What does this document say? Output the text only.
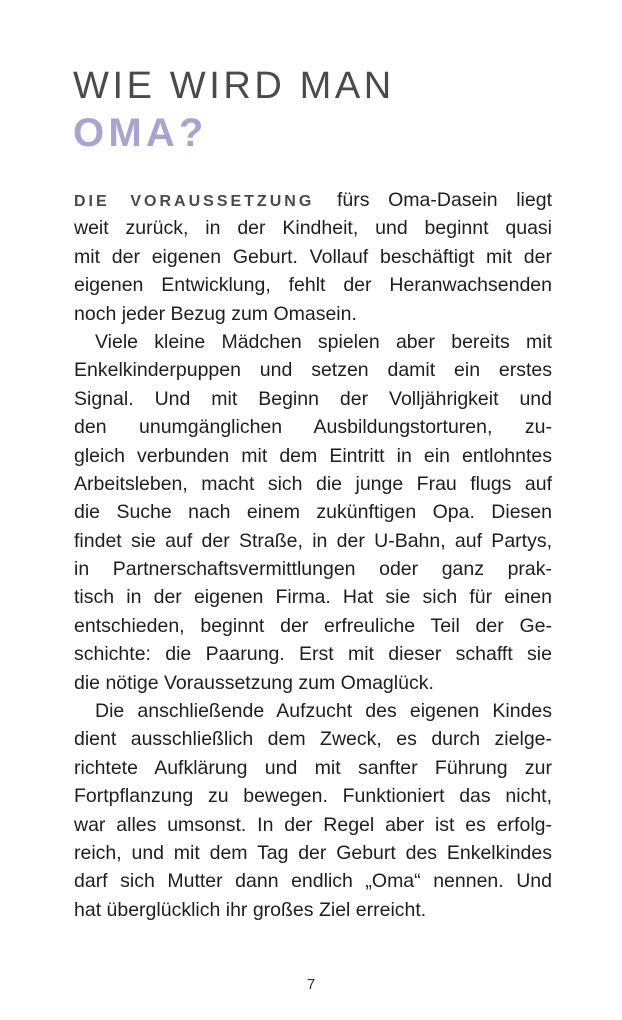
WIE WIRD MAN
OMA?
DIE VORAUSSETZUNG fürs Oma-Dasein liegt
weit zurück, in der Kindheit, und beginnt quasi
mit der eigenen Geburt. Vollauf beschäftigt mit der
eigenen Entwicklung, fehlt der Heranwachsenden
noch jeder Bezug zum Omasein.
Viele kleine Mädchen spielen aber bereits mit
Enkelkinderpuppen und setzen damit ein erstes
Signal. Und mit Beginn der Volljährigkeit und
den unumgänglichen Ausbildungstorturen, zu-
gleich verbunden mit dem Eintritt in ein entlohntes
Arbeitsleben, macht sich die junge Frau flugs auf
die Suche nach einem zukünftigen Opa. Diesen
findet sie auf der Straße, in der U-Bahn, auf Partys,
in Partnerschaftsvermittlungen oder ganz prak-
tisch in der eigenen Firma. Hat sie sich für einen
entschieden, beginnt der erfreuliche Teil der Ge-
schichte: die Paarung. Erst mit dieser schafft sie
die nötige Voraussetzung zum Omaglück.
Die anschließende Aufzucht des eigenen Kindes
dient ausschließlich dem Zweck, es durch zielge-
richtete Aufklärung und mit sanfter Führung zur
Fortpflanzung zu bewegen. Funktioniert das nicht,
war alles umsonst. In der Regel aber ist es erfolg-
reich, und mit dem Tag der Geburt des Enkelkindes
darf sich Mutter dann endlich „Oma“ nennen. Und
hat überglücklich ihr großes Ziel erreicht.
7
